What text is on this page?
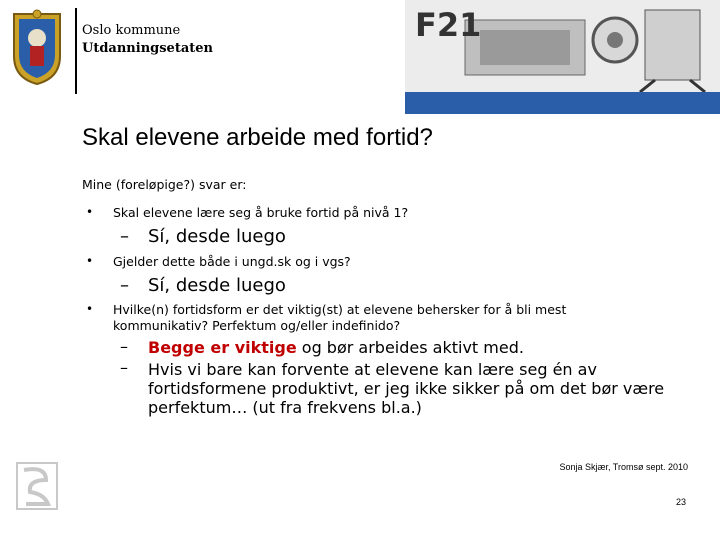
Oslo kommune
Utdanningsetaten
F21
Skal elevene arbeide med fortid?
Mine (foreløpige?) svar er:
• Skal elevene lære seg å bruke fortid på nivå 1?
– Sí, desde luego
• Gjelder dette både i ungd.sk og i vgs?
– Sí, desde luego
• Hvilke(n) fortidsform er det viktig(st) at elevene behersker for å bli mest kommunikativ? Perfektum og/eller indefinido?
– Begge er viktige og bør arbeides aktivt med.
– Hvis vi bare kan forvente at elevene kan lære seg én av fortidsformene produktivt, er jeg ikke sikker på om det bør være perfektum… (ut fra frekvens bl.a.)
Sonja Skjær, Tromsø sept. 2010
23
